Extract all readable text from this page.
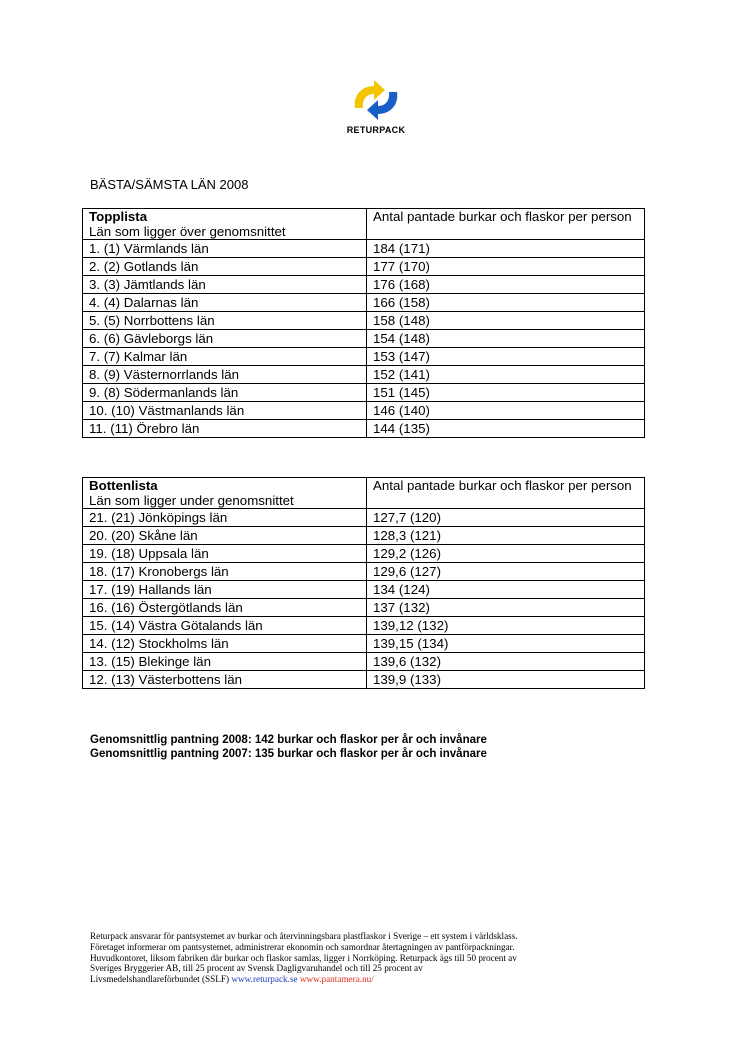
RETURPACK
BÄSTA/SÄMSTA LÄN 2008
Topplista
Län som ligger över genomsnittet	Antal pantade burkar och flaskor per person
1. (1) Värmlands län	184 (171)
2. (2) Gotlands län	177 (170)
3. (3) Jämtlands län	176 (168)
4. (4) Dalarnas län	166 (158)
5. (5) Norrbottens län	158 (148)
6. (6) Gävleborgs län	154 (148)
7. (7) Kalmar län	153 (147)
8. (9) Västernorrlands län	152 (141)
9. (8) Södermanlands län	151 (145)
10. (10) Västmanlands län	146 (140)
11. (11) Örebro län	144 (135)
Bottenlista
Län som ligger under genomsnittet	Antal pantade burkar och flaskor per person
21. (21) Jönköpings län	127,7 (120)
20. (20) Skåne län	128,3 (121)
19. (18) Uppsala län	129,2 (126)
18. (17) Kronobergs län	129,6 (127)
17. (19) Hallands län	134 (124)
16. (16) Östergötlands län	137 (132)
15. (14) Västra Götalands län	139,12 (132)
14. (12) Stockholms län	139,15 (134)
13. (15) Blekinge län	139,6 (132)
12. (13) Västerbottens län	139,9 (133)
Genomsnittlig pantning 2008: 142 burkar och flaskor per år och invånare
Genomsnittlig pantning 2007: 135 burkar och flaskor per år och invånare
Returpack ansvarar för pantsystemet av burkar och återvinningsbara plastflaskor i Sverige – ett system i världsklass.
Företaget informerar om pantsystemet, administrerar ekonomin och samordnar återtagningen av pantförpackningar.
Huvudkontoret, liksom fabriken där burkar och flaskor samlas, ligger i Norrköping. Returpack ägs till 50 procent av
Sveriges Bryggerier AB, till 25 procent av Svensk Dagligvaruhandel och till 25 procent av
Livsmedelshandlareförbundet (SSLF) www.returpack.se www.pantamera.nu/
